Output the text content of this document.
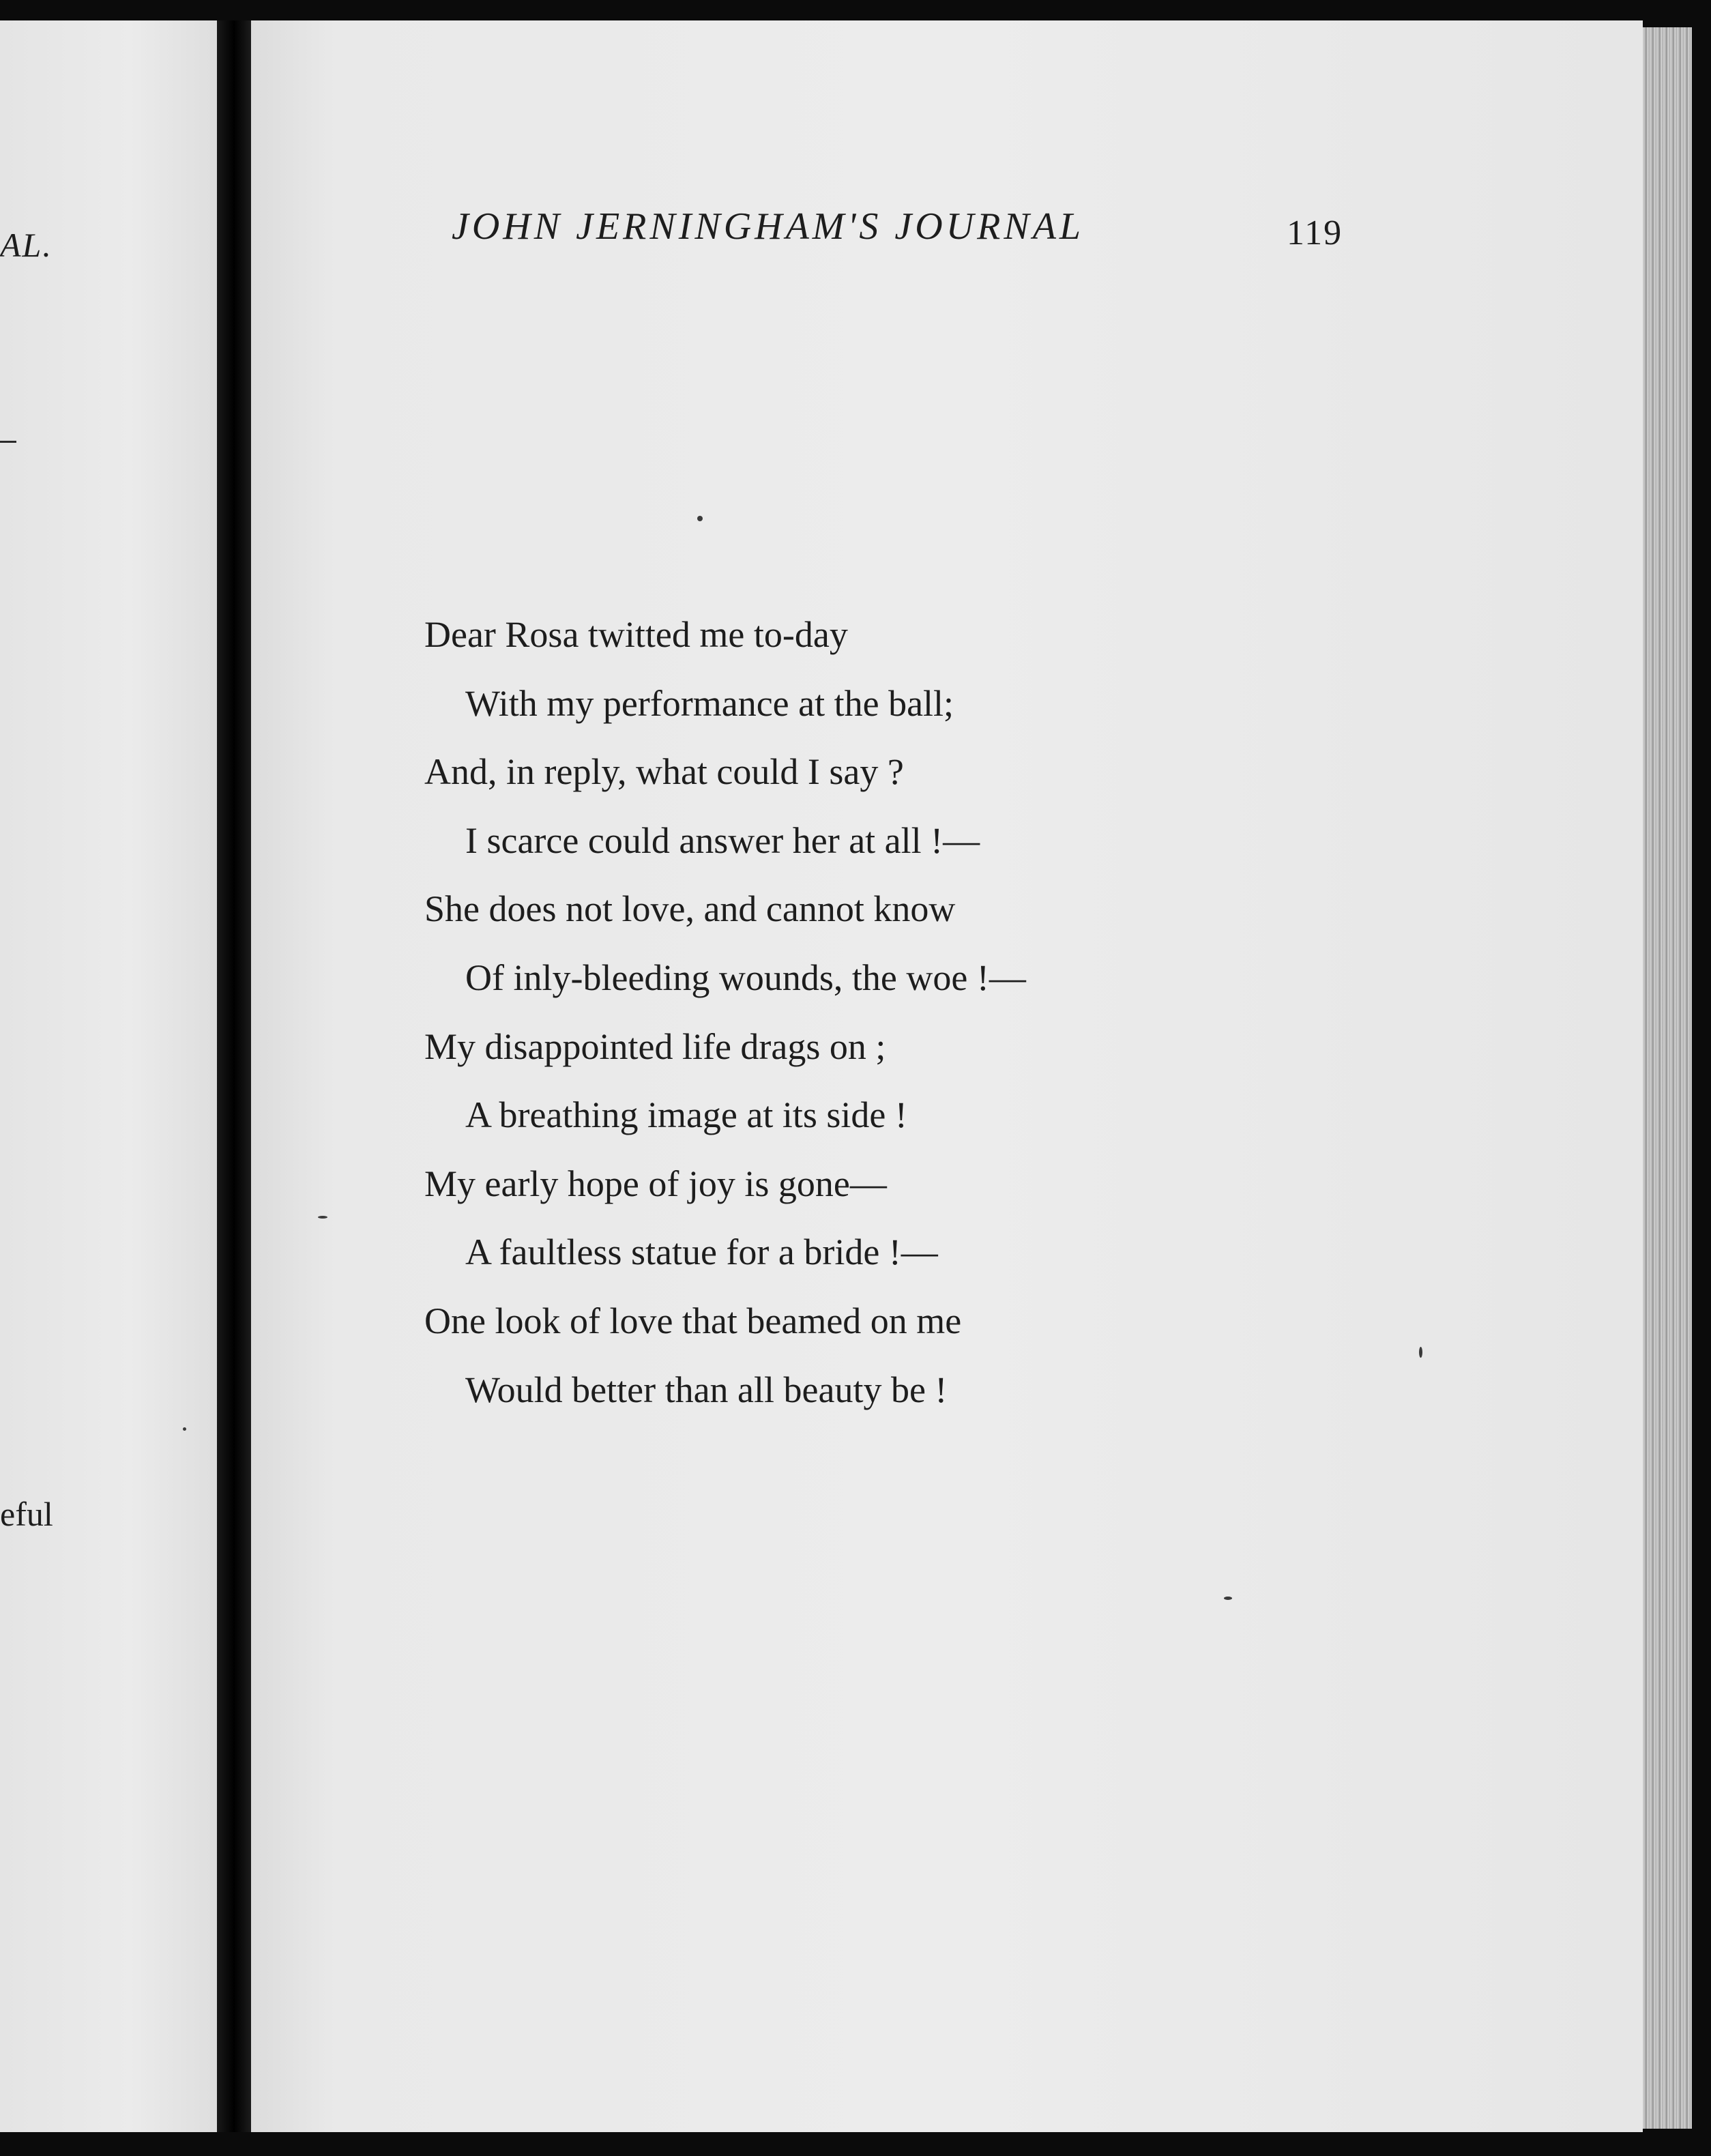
AL.
eful
JOHN JERNINGHAM'S JOURNAL	119
Dear Rosa twitted me to-day
With my performance at the ball;
And, in reply, what could I say ?
I scarce could answer her at all !—
She does not love, and cannot know
Of inly-bleeding wounds, the woe !—
My disappointed life drags on ;
A breathing image at its side !
My early hope of joy is gone—
A faultless statue for a bride !—
One look of love that beamed on me
Would better than all beauty be !
